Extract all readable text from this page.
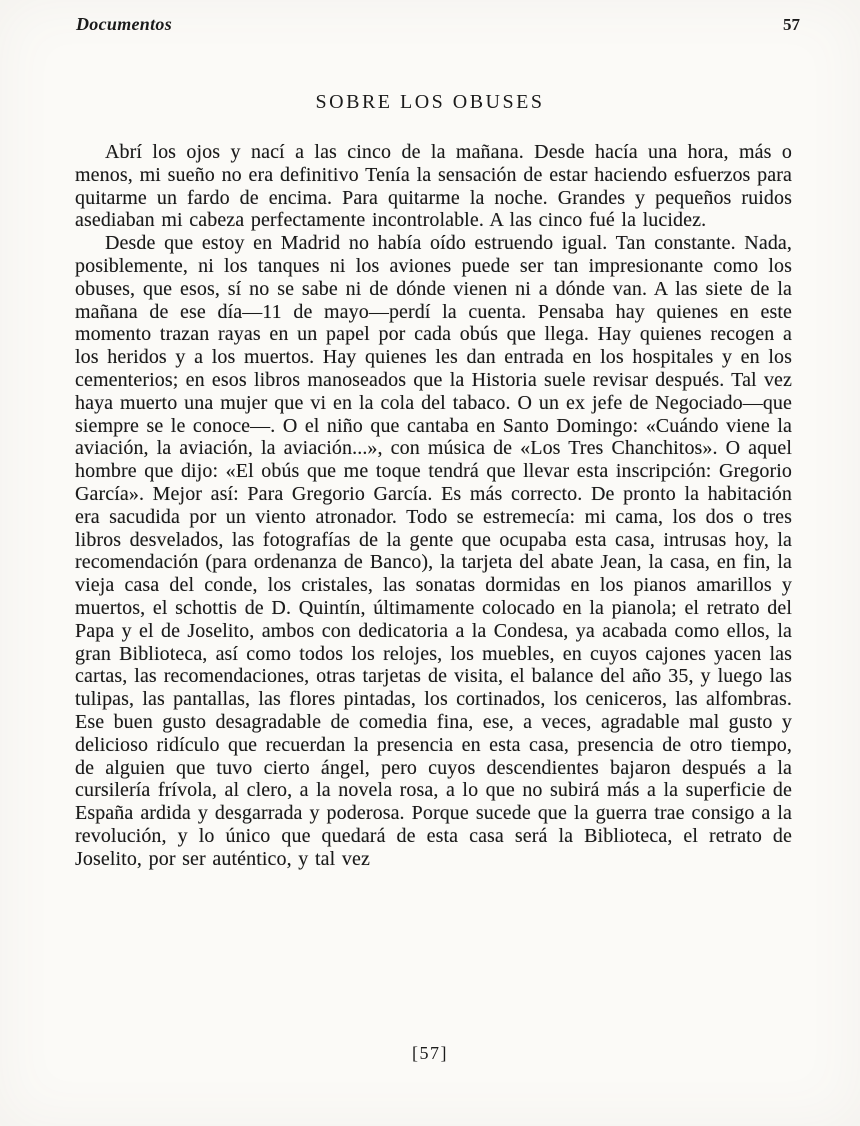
Documentos	57
SOBRE LOS OBUSES

Abrí los ojos y nací a las cinco de la mañana. Desde hacía una hora, más o menos, mi sueño no era definitivo Tenía la sensación de estar haciendo esfuerzos para quitarme un fardo de encima. Para quitarme la noche. Grandes y pequeños ruidos asediaban mi cabeza perfectamente incontrolable. A las cinco fué la lucidez.

Desde que estoy en Madrid no había oído estruendo igual. Tan constante. Nada, posiblemente, ni los tanques ni los aviones puede ser tan impresionante como los obuses, que esos, sí no se sabe ni de dónde vienen ni a dónde van. A las siete de la mañana de ese día—11 de mayo—perdí la cuenta. Pensaba hay quienes en este momento trazan rayas en un papel por cada obús que llega. Hay quienes recogen a los heridos y a los muertos. Hay quienes les dan entrada en los hospitales y en los cementerios; en esos libros manoseados que la Historia suele revisar después. Tal vez haya muerto una mujer que vi en la cola del tabaco. O un ex jefe de Negociado—que siempre se le conoce—. O el niño que cantaba en Santo Domingo: «Cuándo viene la aviación, la aviación, la aviación...», con música de «Los Tres Chanchitos». O aquel hombre que dijo: «El obús que me toque tendrá que llevar esta inscripción: Gregorio García». Mejor así: Para Gregorio García. Es más correcto. De pronto la habitación era sacudida por un viento atronador. Todo se estremecía: mi cama, los dos o tres libros desvelados, las fotografías de la gente que ocupaba esta casa, intrusas hoy, la recomendación (para ordenanza de Banco), la tarjeta del abate Jean, la casa, en fin, la vieja casa del conde, los cristales, las sonatas dormidas en los pianos amarillos y muertos, el schottis de D. Quintín, últimamente colocado en la pianola; el retrato del Papa y el de Joselito, ambos con dedicatoria a la Condesa, ya acabada como ellos, la gran Biblioteca, así como todos los relojes, los muebles, en cuyos cajones yacen las cartas, las recomendaciones, otras tarjetas de visita, el balance del año 35, y luego las tulipas, las pantallas, las flores pintadas, los cortinados, los ceniceros, las alfombras. Ese buen gusto desagradable de comedia fina, ese, a veces, agradable mal gusto y delicioso ridículo que recuerdan la presencia en esta casa, presencia de otro tiempo, de alguien que tuvo cierto ángel, pero cuyos descendientes bajaron después a la cursilería frívola, al clero, a la novela rosa, a lo que no subirá más a la superficie de España ardida y desgarrada y poderosa. Porque sucede que la guerra trae consigo a la revolución, y lo único que quedará de esta casa será la Biblioteca, el retrato de Joselito, por ser auténtico, y tal vez

[57]
